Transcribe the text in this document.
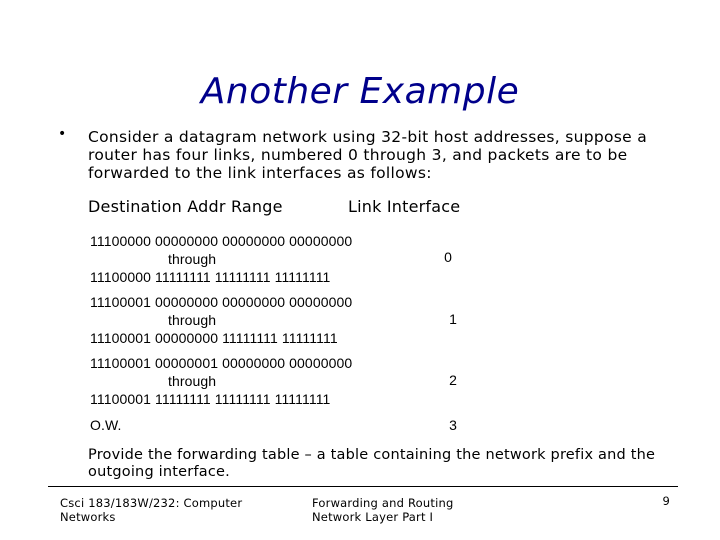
Another Example
• Consider a datagram network using 32-bit host addresses, suppose a router has four links, numbered 0 through 3, and packets are to be forwarded to the link interfaces as follows:
Destination Addr Range	Link Interface
11100000 00000000 00000000 00000000
through
11100000 11111111 11111111 11111111
0
11100001 00000000 00000000 00000000
through
11100001 00000000 11111111 11111111
1
11100001 00000001 00000000 00000000
through
11100001 11111111 11111111 11111111
2
O.W.	3
Provide the forwarding table – a table containing the network prefix and the outgoing interface.
Csci 183/183W/232: Computer
Networks
Forwarding and Routing
Network Layer Part I
9
